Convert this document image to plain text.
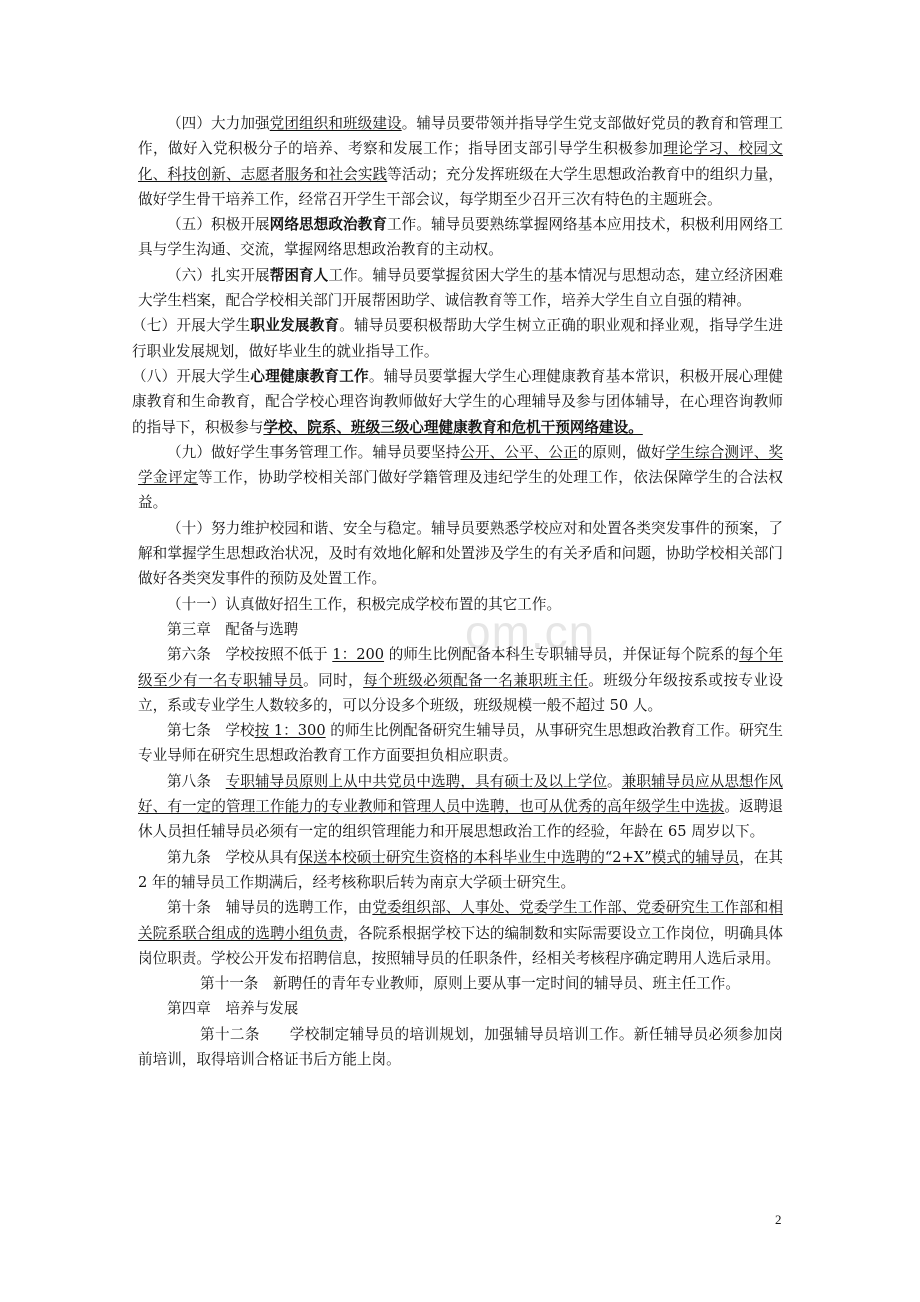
om.cn

（四）大力加强党团组织和班级建设。辅导员要带领并指导学生党支部做好党员的教育和管理工作，做好入党积极分子的培养、考察和发展工作；指导团支部引导学生积极参加理论学习、校园文化、科技创新、志愿者服务和社会实践等活动；充分发挥班级在大学生思想政治教育中的组织力量，做好学生骨干培养工作，经常召开学生干部会议，每学期至少召开三次有特色的主题班会。

（五）积极开展网络思想政治教育工作。辅导员要熟练掌握网络基本应用技术，积极利用网络工具与学生沟通、交流，掌握网络思想政治教育的主动权。

（六）扎实开展帮困育人工作。辅导员要掌握贫困大学生的基本情况与思想动态，建立经济困难大学生档案，配合学校相关部门开展帮困助学、诚信教育等工作，培养大学生自立自强的精神。

（七）开展大学生职业发展教育。辅导员要积极帮助大学生树立正确的职业观和择业观，指导学生进行职业发展规划，做好毕业生的就业指导工作。

（八）开展大学生心理健康教育工作。辅导员要掌握大学生心理健康教育基本常识，积极开展心理健康教育和生命教育，配合学校心理咨询教师做好大学生的心理辅导及参与团体辅导，在心理咨询教师的指导下，积极参与学校、院系、班级三级心理健康教育和危机干预网络建设。

（九）做好学生事务管理工作。辅导员要坚持公开、公平、公正的原则，做好学生综合测评、奖学金评定等工作，协助学校相关部门做好学籍管理及违纪学生的处理工作，依法保障学生的合法权益。

（十）努力维护校园和谐、安全与稳定。辅导员要熟悉学校应对和处置各类突发事件的预案，了解和掌握学生思想政治状况，及时有效地化解和处置涉及学生的有关矛盾和问题，协助学校相关部门做好各类突发事件的预防及处置工作。

（十一）认真做好招生工作，积极完成学校布置的其它工作。

第三章　配备与选聘

第六条　学校按照不低于 1：200 的师生比例配备本科生专职辅导员，并保证每个院系的每个年级至少有一名专职辅导员。同时，每个班级必须配备一名兼职班主任。班级分年级按系或按专业设立，系或专业学生人数较多的，可以分设多个班级，班级规模一般不超过 50 人。

第七条　学校按 1：300 的师生比例配备研究生辅导员，从事研究生思想政治教育工作。研究生专业导师在研究生思想政治教育工作方面要担负相应职责。

第八条　专职辅导员原则上从中共党员中选聘，具有硕士及以上学位。兼职辅导员应从思想作风好、有一定的管理工作能力的专业教师和管理人员中选聘，也可从优秀的高年级学生中选拔。返聘退休人员担任辅导员必须有一定的组织管理能力和开展思想政治工作的经验，年龄在 65 周岁以下。

第九条　学校从具有保送本校硕士研究生资格的本科毕业生中选聘的“2+X”模式的辅导员，在其 2 年的辅导员工作期满后，经考核称职后转为南京大学硕士研究生。

第十条　辅导员的选聘工作，由党委组织部、人事处、党委学生工作部、党委研究生工作部和相关院系联合组成的选聘小组负责，各院系根据学校下达的编制数和实际需要设立工作岗位，明确具体岗位职责。学校公开发布招聘信息，按照辅导员的任职条件，经相关考核程序确定聘用人选后录用。

第十一条　新聘任的青年专业教师，原则上要从事一定时间的辅导员、班主任工作。

第四章　培养与发展

第十二条　　学校制定辅导员的培训规划，加强辅导员培训工作。新任辅导员必须参加岗前培训，取得培训合格证书后方能上岗。

2
